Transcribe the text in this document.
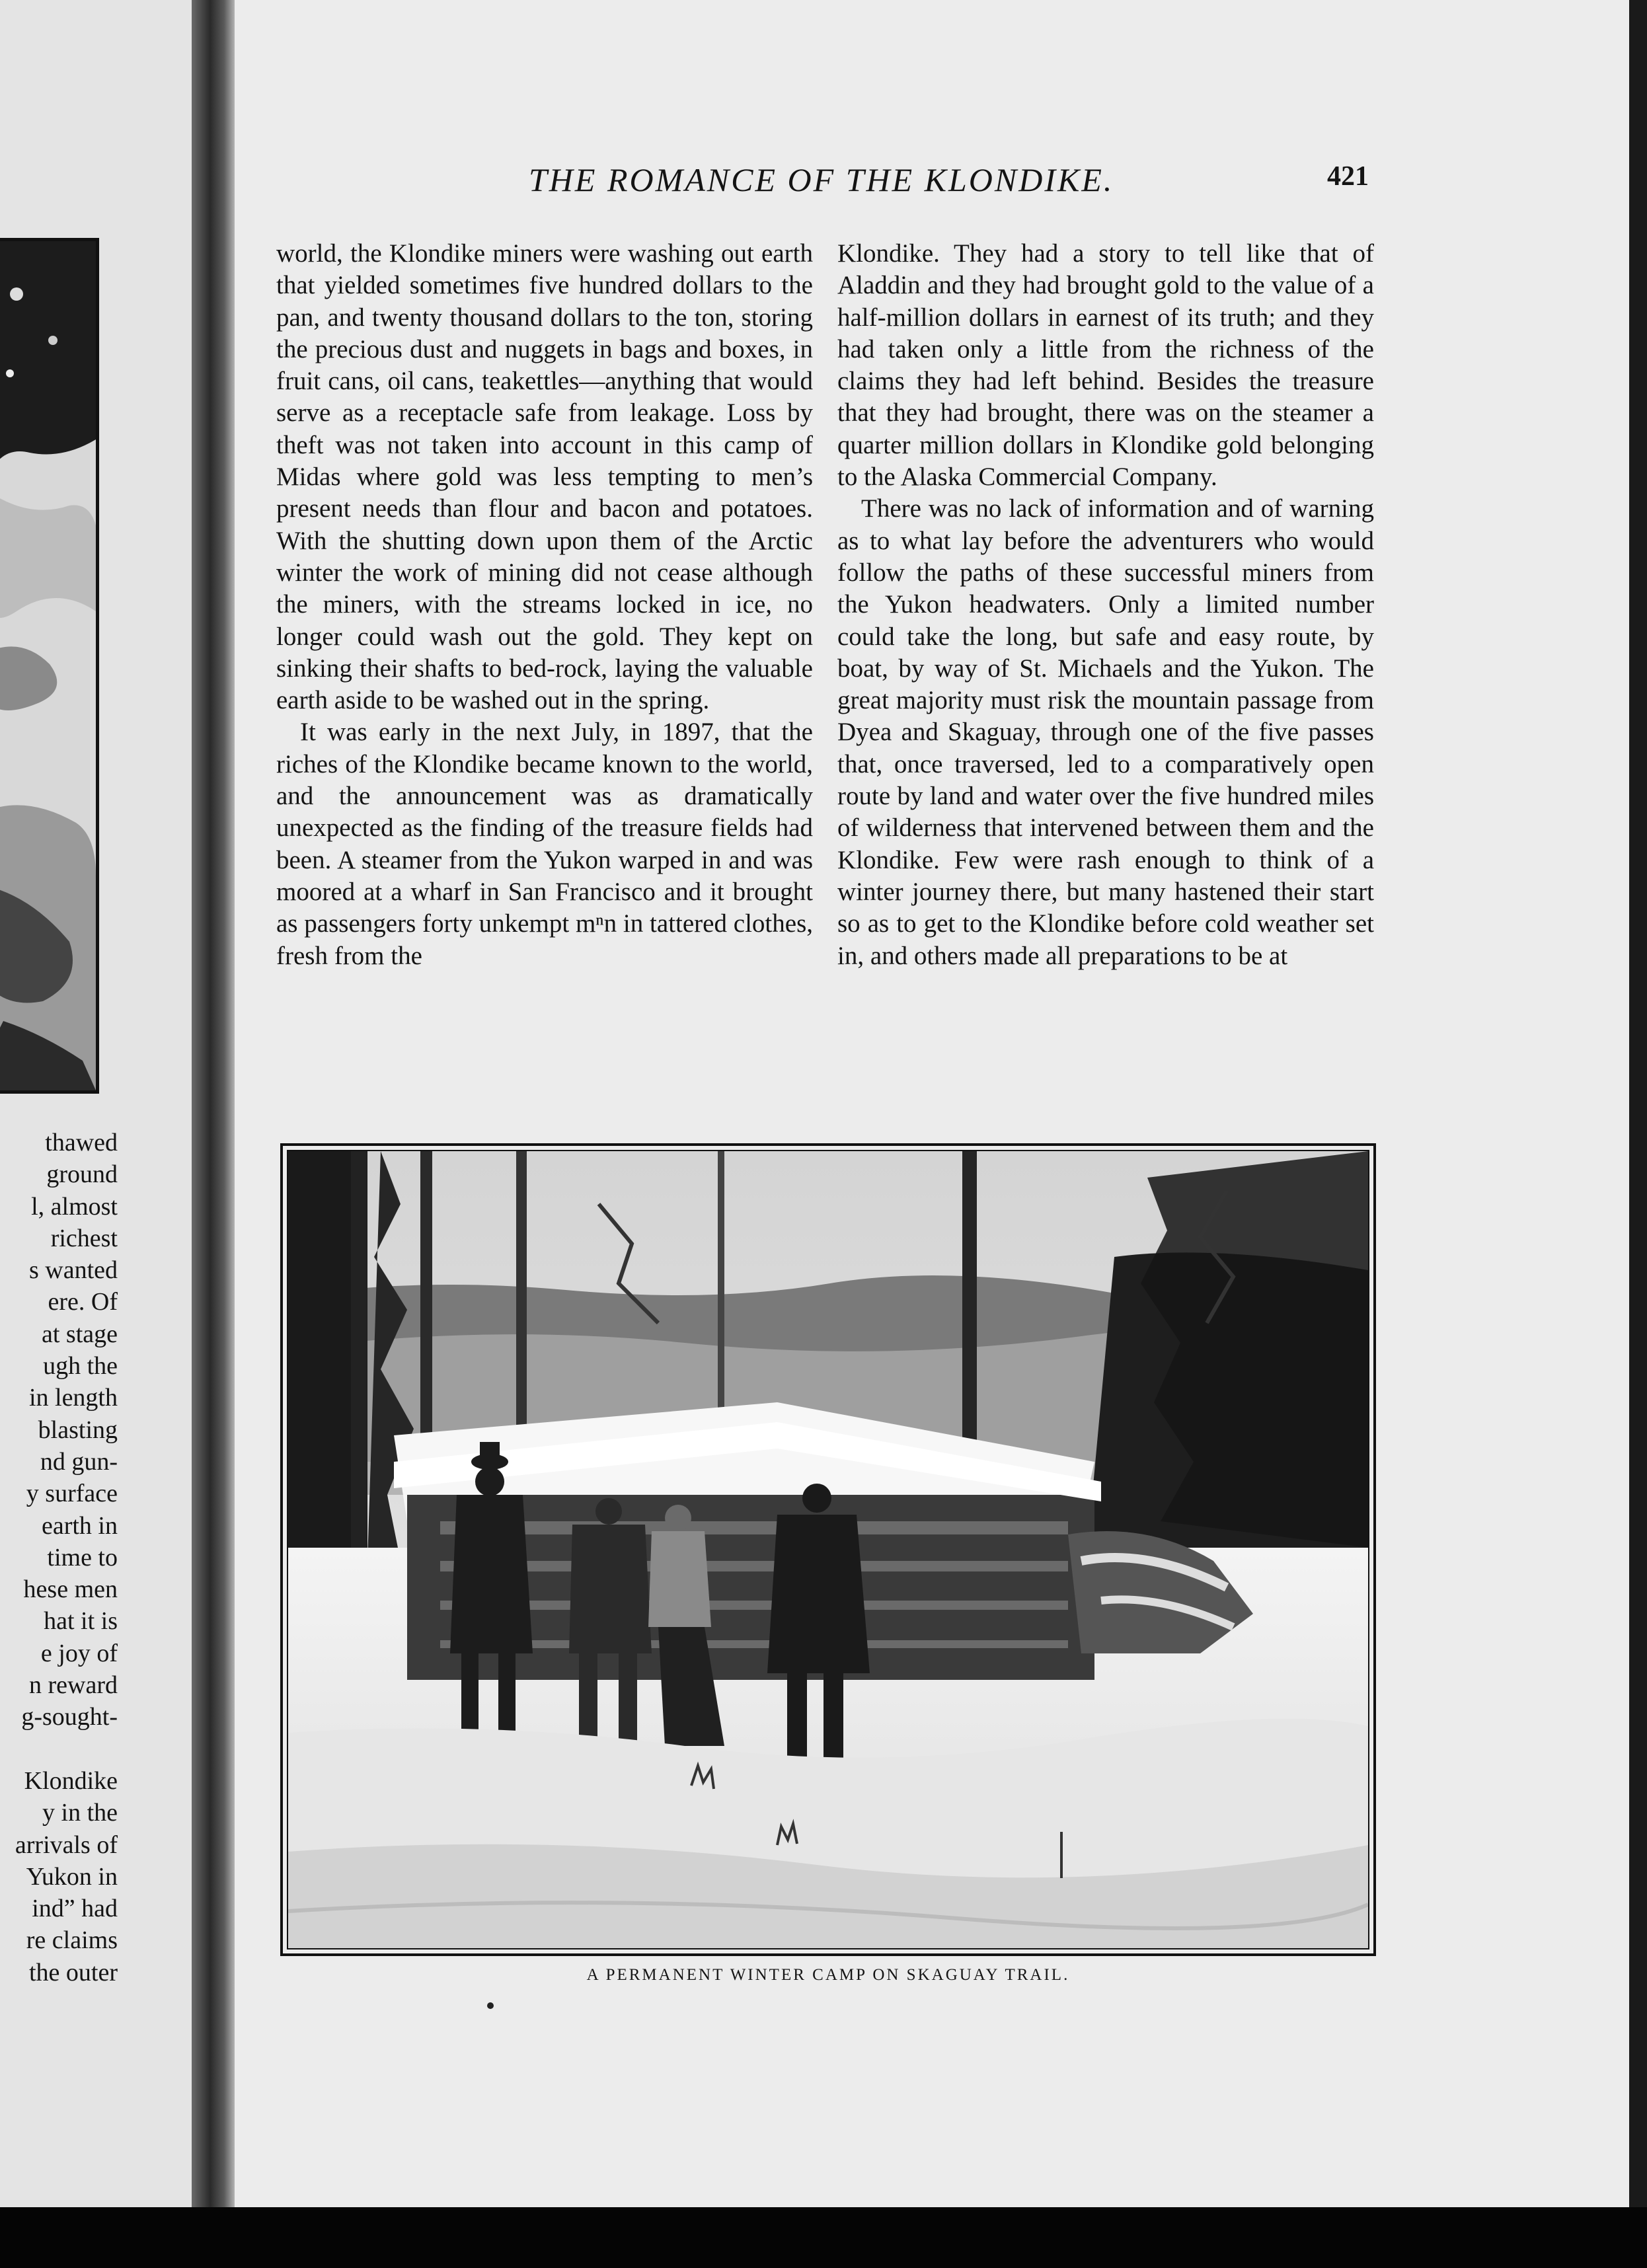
thawed
ground
l, almost
richest
s wanted
ere. Of
at stage
ugh the
in length
blasting
nd gun-
y surface
earth in
time to
hese men
hat it is
e joy of
n reward
g-sought-
Klondike
y in the
arrivals of
Yukon in
ind” had
re claims
the outer
THE ROMANCE OF THE KLONDIKE.	421

world, the Klondike miners were washing out earth that yielded sometimes five hundred dollars to the pan, and twenty thousand dollars to the ton, storing the precious dust and nuggets in bags and boxes, in fruit cans, oil cans, teakettles—anything that would serve as a receptacle safe from leakage. Loss by theft was not taken into account in this camp of Midas where gold was less tempting to men’s present needs than flour and bacon and potatoes. With the shutting down upon them of the Arctic winter the work of mining did not cease although the miners, with the streams locked in ice, no longer could wash out the gold. They kept on sinking their shafts to bed-rock, laying the valuable earth aside to be washed out in the spring.

It was early in the next July, in 1897, that the riches of the Klondike became known to the world, and the announcement was as dramatically unexpected as the finding of the treasure fields had been. A steamer from the Yukon warped in and was moored at a wharf in San Francisco and it brought as passengers forty unkempt mⁿn in tattered clothes, fresh from the

Klondike. They had a story to tell like that of Aladdin and they had brought gold to the value of a half-million dollars in earnest of its truth; and they had taken only a little from the richness of the claims they had left behind. Besides the treasure that they had brought, there was on the steamer a quarter million dollars in Klondike gold belonging to the Alaska Commercial Company.

There was no lack of information and of warning as to what lay before the adventurers who would follow the paths of these successful miners from the Yukon headwaters. Only a limited number could take the long, but safe and easy route, by boat, by way of St. Michaels and the Yukon. The great majority must risk the mountain passage from Dyea and Skaguay, through one of the five passes that, once traversed, led to a comparatively open route by land and water over the five hundred miles of wilderness that intervened between them and the Klondike. Few were rash enough to think of a winter journey there, but many hastened their start so as to get to the Klondike before cold weather set in, and others made all preparations to be at

A PERMANENT WINTER CAMP ON SKAGUAY TRAIL.
